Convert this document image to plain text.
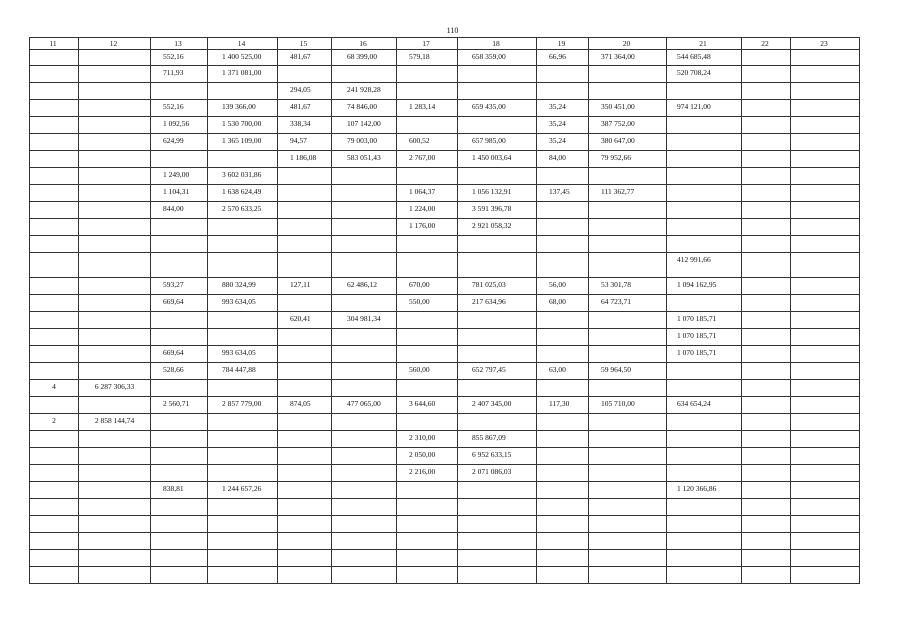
110
11	12	13	14	15	16	17	18	19	20	21	22	23
		552,16	1 400 525,00	481,67	68 399,00	579,18	658 359,00	66,96	371 364,00	544 685,48		
		711,93	1 371 081,00							520 708,24		
				294,05	241 928,28							
		552,16	139 366,00	481,67	74 846,00	1 283,14	659 435,00	35,24	350 451,00	974 121,00		
		1 092,56	1 530 700,00	338,34	107 142,00			35,24	387 752,00			
		624,99	1 365 109,00	94,57	79 003,00	600,52	657 985,00	35,24	380 647,00			
				1 186,08	583 051,43	2 767,00	1 450 003,64	84,00	79 952,66			
		1 249,00	3 602 031,86									
		1 104,31	1 638 624,49			1 064,37	1 056 132,91	137,45	111 362,77			
		844,00	2 570 633,25			1 224,00	3 591 396,78					
						1 176,00	2 921 058,32					

										412 991,66		
		593,27	880 324,99	127,11	62 486,12	670,00	781 025,03	56,00	53 301,78	1 094 162,95		
		669,64	993 634,05			550,00	217 634,96	68,00	64 723,71			
				620,41	304 981,34					1 070 185,71		
										1 070 185,71		
		669,64	993 634,05							1 070 185,71		
		528,66	784 447,88			560,00	652 797,45	63,00	59 964,50			
4	6 287 306,33											
		2 560,71	2 857 779,00	874,05	477 065,00	3 644,60	2 407 345,00	117,30	105 710,00	634 654,24		
2	2 858 144,74											
						2 310,00	855 867,09					
						2 050,00	6 952 633,15					
						2 216,00	2 071 086,03					
		838,81	1 244 657,26							1 120 366,86		
